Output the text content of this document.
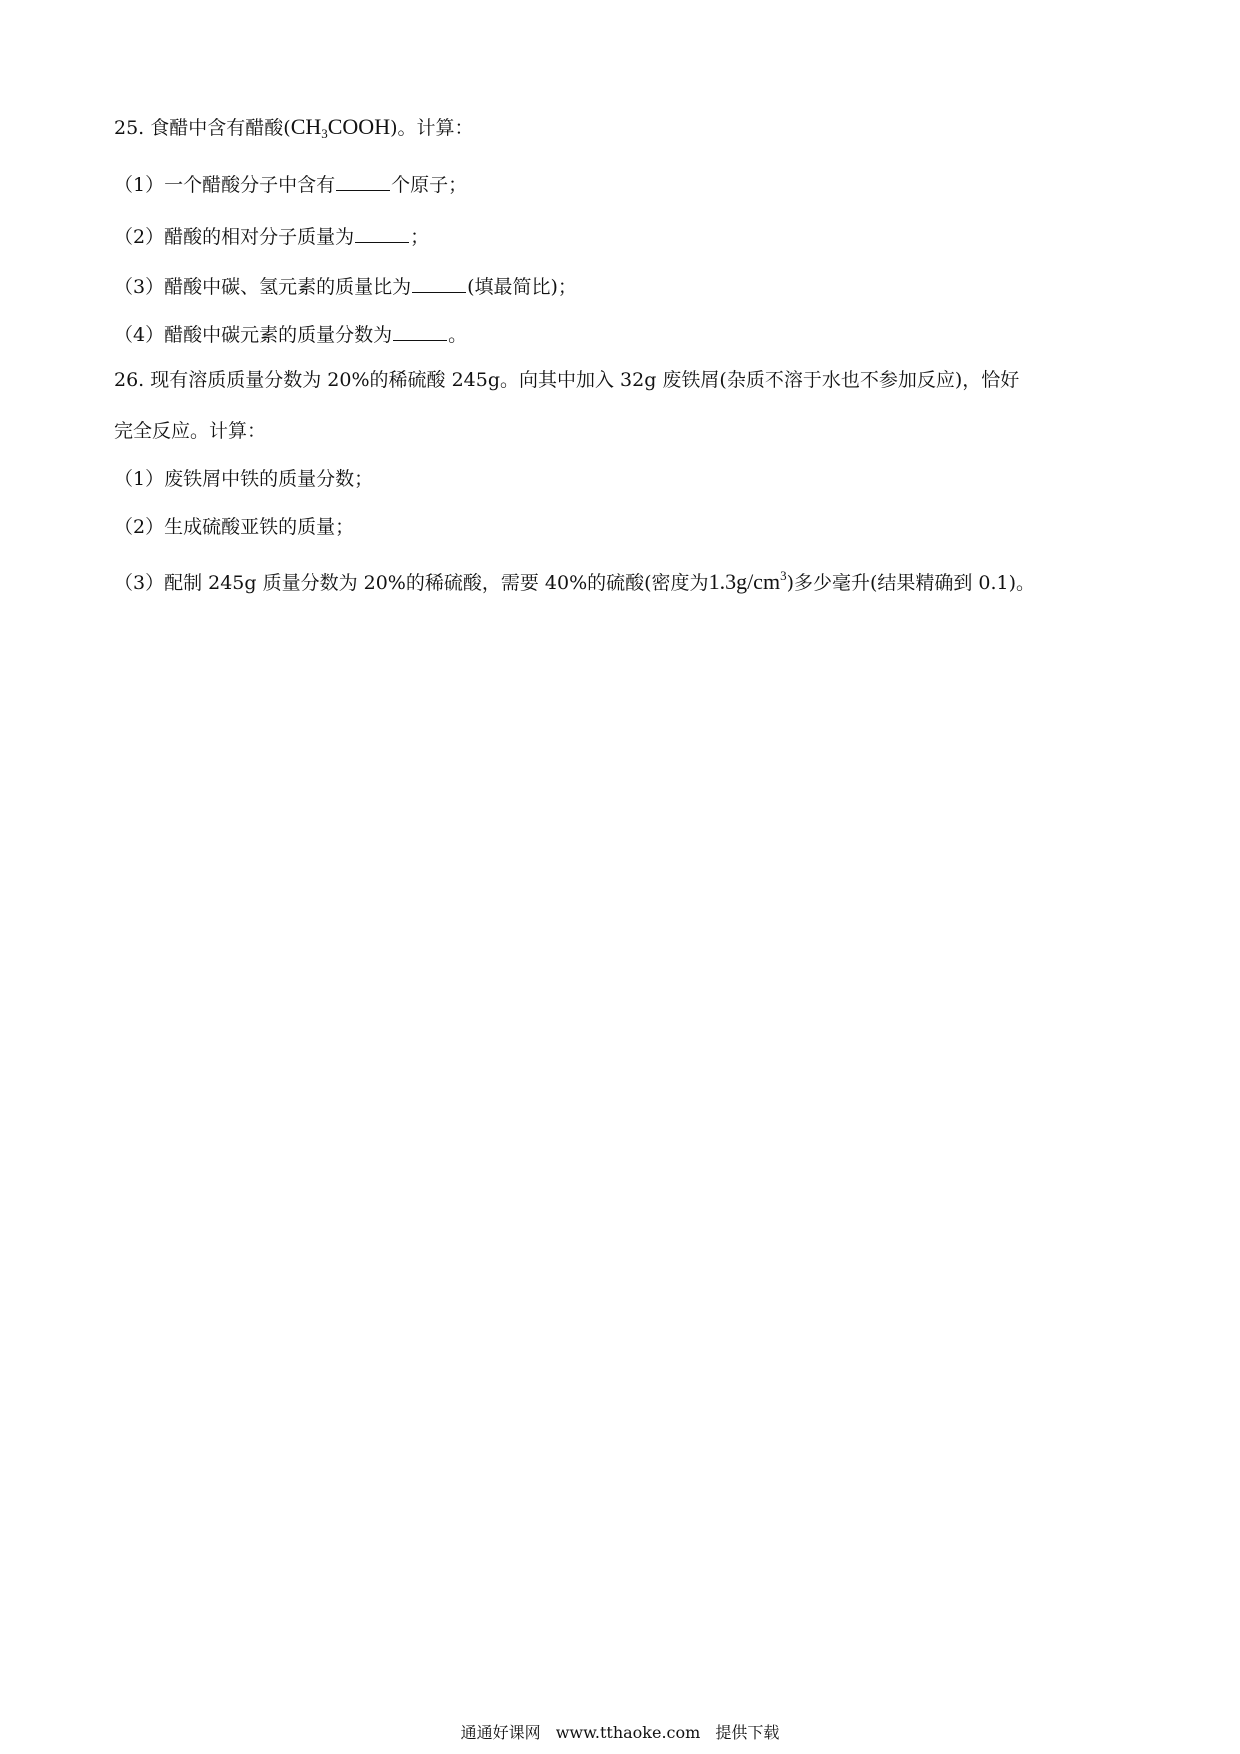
25. 食醋中含有醋酸$(CH_3COOH)$。计算：
（1）一个醋酸分子中含有	个原子；
（2）醋酸的相对分子质量为	；
（3）醋酸中碳、氢元素的质量比为	(填最简比)；
（4）醋酸中碳元素的质量分数为	。
26. 现有溶质质量分数为 20%的稀硫酸 245g。向其中加入 32g 废铁屑(杂质不溶于水也不参加反应)，恰好
完全反应。计算：
（1）废铁屑中铁的质量分数；
（2）生成硫酸亚铁的质量；
（3）配制 245g 质量分数为 20%的稀硫酸，需要 40%的硫酸(密度为$1.3g/cm^3$)多少毫升(结果精确到 0.1)。
通通好课网 www.tthaoke.com 提供下载
